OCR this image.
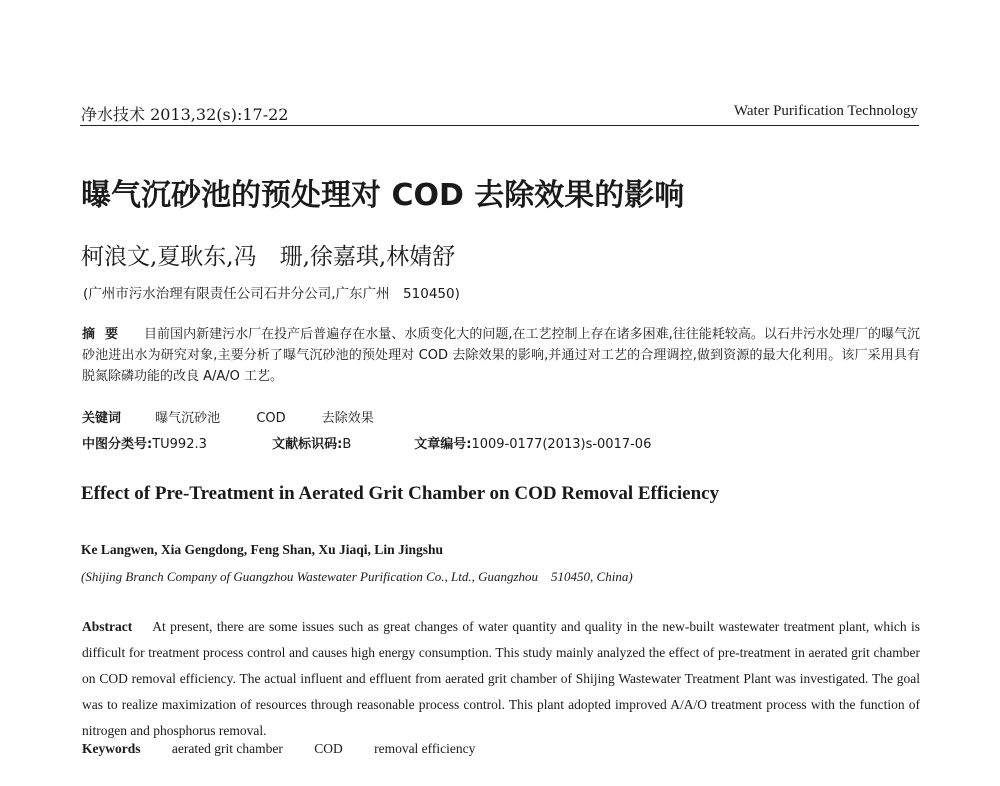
净水技术 2013,32(s):17-22	Water Purification Technology
曝气沉砂池的预处理对 COD 去除效果的影响
柯浪文,夏耿东,冯　珊,徐嘉琪,林婧舒
(广州市污水治理有限责任公司石井分公司,广东广州　510450)
摘要 目前国内新建污水厂在投产后普遍存在水量、水质变化大的问题,在工艺控制上存在诸多困难,往往能耗较高。以石井污水处理厂的曝气沉砂池进出水为研究对象,主要分析了曝气沉砂池的预处理对 COD 去除效果的影响,并通过对工艺的合理调控,做到资源的最大化利用。该厂采用具有脱氮除磷功能的改良 A/A/O 工艺。
关键词	曝气沉砂池	COD	去除效果
中图分类号:TU992.3	文献标识码:B	文章编号:1009-0177(2013)s-0017-06
Effect of Pre-Treatment in Aerated Grit Chamber on COD Removal Efficiency
Ke Langwen, Xia Gengdong, Feng Shan, Xu Jiaqi, Lin Jingshu
(Shijing Branch Company of Guangzhou Wastewater Purification Co., Ltd., Guangzhou　510450, China)
Abstract At present, there are some issues such as great changes of water quantity and quality in the new-built wastewater treatment plant, which is difficult for treatment process control and causes high energy consumption. This study mainly analyzed the effect of pre-treatment in aerated grit chamber on COD removal efficiency. The actual influent and effluent from aerated grit chamber of Shijing Wastewater Treatment Plant was investigated. The goal was to realize maximization of resources through reasonable process control. This plant adopted improved A/A/O treatment process with the function of nitrogen and phosphorus removal.
Keywords aerated grit chamber COD removal efficiency
